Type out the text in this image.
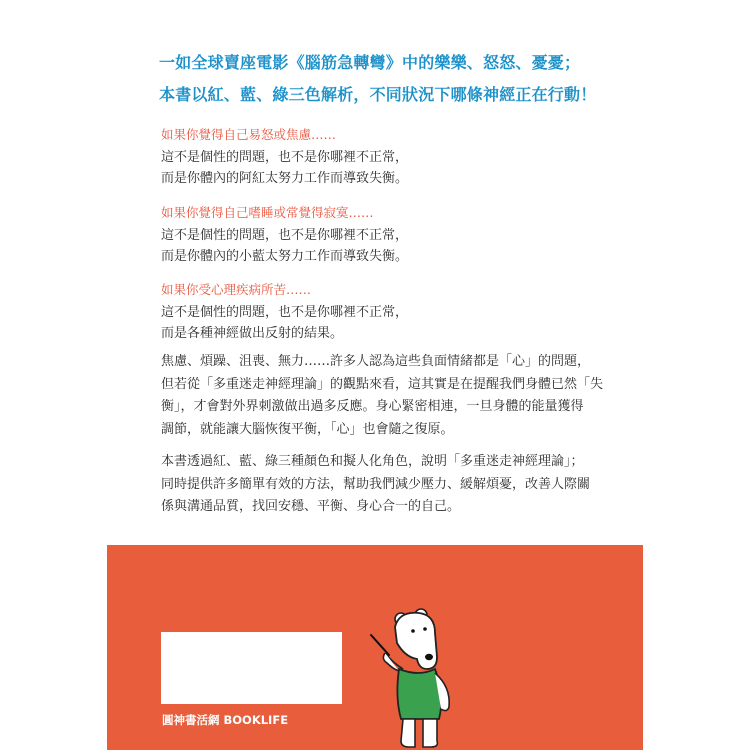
一如全球賣座電影《腦筋急轉彎》中的樂樂、怒怒、憂憂；
本書以紅、藍、綠三色解析，不同狀況下哪條神經正在行動！
如果你覺得自己易怒或焦慮……
這不是個性的問題，也不是你哪裡不正常，
而是你體內的阿紅太努力工作而導致失衡。
如果你覺得自己嗜睡或常覺得寂寞……
這不是個性的問題，也不是你哪裡不正常，
而是你體內的小藍太努力工作而導致失衡。
如果你受心理疾病所苦……
這不是個性的問題，也不是你哪裡不正常，
而是各種神經做出反射的結果。

焦慮、煩躁、沮喪、無力……許多人認為這些負面情緒都是「心」的問題，

但若從「多重迷走神經理論」的觀點來看，這其實是在提醒我們身體已然「失

衡」，才會對外界刺激做出過多反應。身心緊密相連，一旦身體的能量獲得

調節，就能讓大腦恢復平衡，「心」也會隨之復原。

本書透過紅、藍、綠三種顏色和擬人化角色，說明「多重迷走神經理論」；

同時提供許多簡單有效的方法，幫助我們減少壓力、緩解煩憂，改善人際關

係與溝通品質，找回安穩、平衡、身心合一的自己。

圓神書活網 BOOKLIFE
